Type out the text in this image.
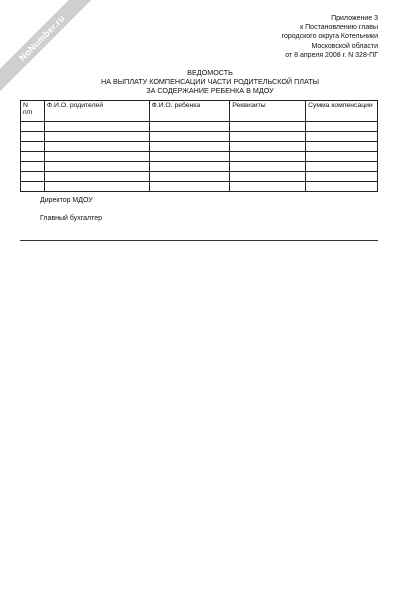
NoNumber.ru	Приложение 3
к Постановлению главы
городского округа Котельники
Московской области
от 8 апреля 2008 г. N 328-ПГ
ВЕДОМОСТЬ
НА ВЫПЛАТУ КОМПЕНСАЦИИ ЧАСТИ РОДИТЕЛЬСКОЙ ПЛАТЫ
ЗА СОДЕРЖАНИЕ РЕБЕНКА В МДОУ
N
п/п	Ф.И.О. родителей	Ф.И.О. ребенка	Реквизиты	Сумма компенсации

Директор МДОУ
Главный бухгалтер
